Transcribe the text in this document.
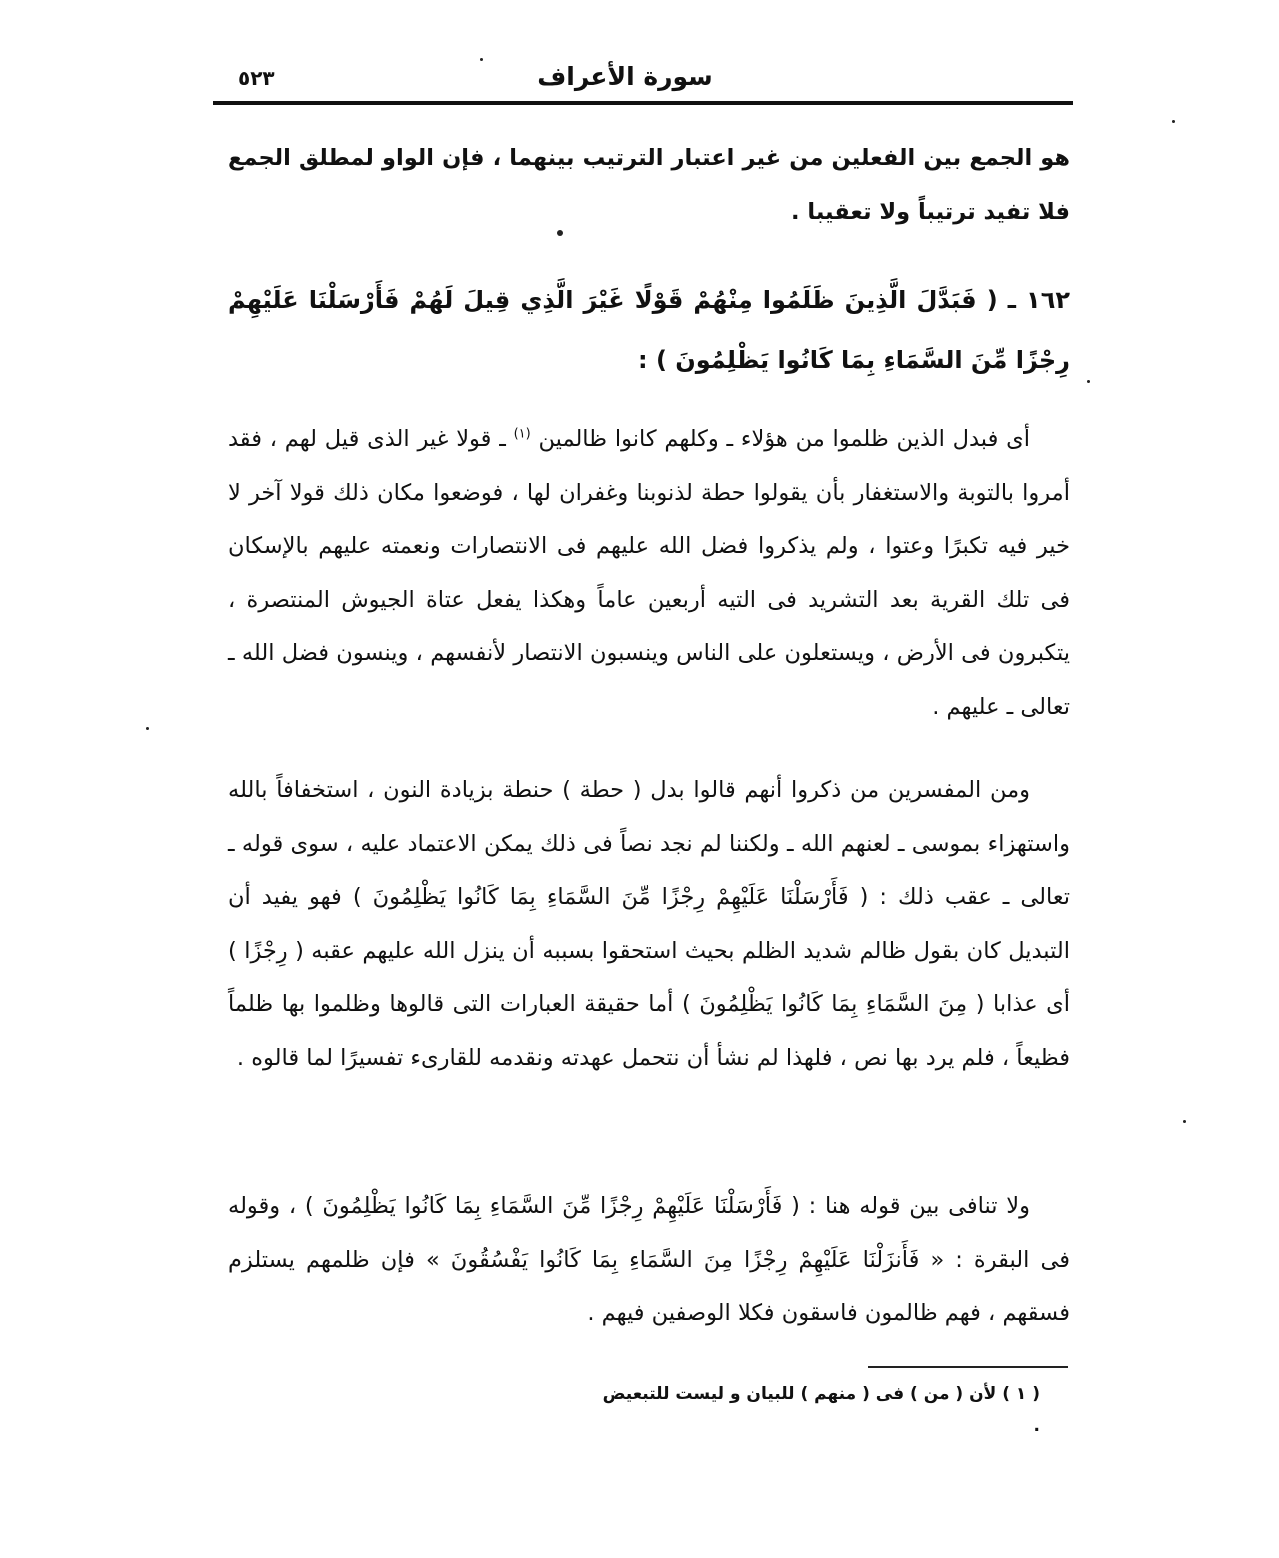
سورة الأعراف
٥٢٣
هو الجمع بين الفعلين من غير اعتبار الترتيب بينهما ، فإن الواو لمطلق الجمع فلا تفيد ترتيباً ولا تعقيبا .
١٦٢ ـ ( فَبَدَّلَ الَّذِينَ ظَلَمُوا مِنْهُمْ قَوْلًا غَيْرَ الَّذِي قِيلَ لَهُمْ فَأَرْسَلْنَا عَلَيْهِمْ رِجْزًا مِّنَ السَّمَاءِ بِمَا كَانُوا يَظْلِمُونَ ) :
أى فبدل الذين ظلموا من هؤلاء ـ وكلهم كانوا ظالمين $^{(١)}$ ـ قولا غير الذى قيل لهم ، فقد أمروا بالتوبة والاستغفار بأن يقولوا حطة لذنوبنا وغفران لها ، فوضعوا مكان ذلك قولا آخر لا خير فيه تكبرًا وعتوا ، ولم يذكروا فضل الله عليهم فى الانتصارات ونعمته عليهم بالإسكان فى تلك القرية بعد التشريد فى التيه أربعين عاماً وهكذا يفعل عتاة الجيوش المنتصرة ، يتكبرون فى الأرض ، ويستعلون على الناس وينسبون الانتصار لأنفسهم ، وينسون فضل الله ـ تعالى ـ عليهم .
ومن المفسرين من ذكروا أنهم قالوا بدل ( حطة ) حنطة بزيادة النون ، استخفافاً بالله واستهزاء بموسى ـ لعنهم الله ـ ولكننا لم نجد نصاً فى ذلك يمكن الاعتماد عليه ، سوى قوله ـ تعالى ـ عقب ذلك : ( فَأَرْسَلْنَا عَلَيْهِمْ رِجْزًا مِّنَ السَّمَاءِ بِمَا كَانُوا يَظْلِمُونَ ) فهو يفيد أن التبديل كان بقول ظالم شديد الظلم بحيث استحقوا بسببه أن ينزل الله عليهم عقبه ( رِجْزًا ) أى عذابا ( مِنَ السَّمَاءِ بِمَا كَانُوا يَظْلِمُونَ ) أما حقيقة العبارات التى قالوها وظلموا بها ظلماً فظيعاً ، فلم يرد بها نص ، فلهذا لم نشأ أن نتحمل عهدته ونقدمه للقارىء تفسيرًا لما قالوه .
ولا تنافى بين قوله هنا : ( فَأَرْسَلْنَا عَلَيْهِمْ رِجْزًا مِّنَ السَّمَاءِ بِمَا كَانُوا يَظْلِمُونَ ) ، وقوله فى البقرة : « فَأَنزَلْنَا عَلَيْهِمْ رِجْزًا مِنَ السَّمَاءِ بِمَا كَانُوا يَفْسُقُونَ » فإن ظلمهم يستلزم فسقهم ، فهم ظالمون فاسقون فكلا الوصفين فيهم .
( ١ ) لأن ( من ) فى ( منهم ) للبيان و ليست للتبعيض .
